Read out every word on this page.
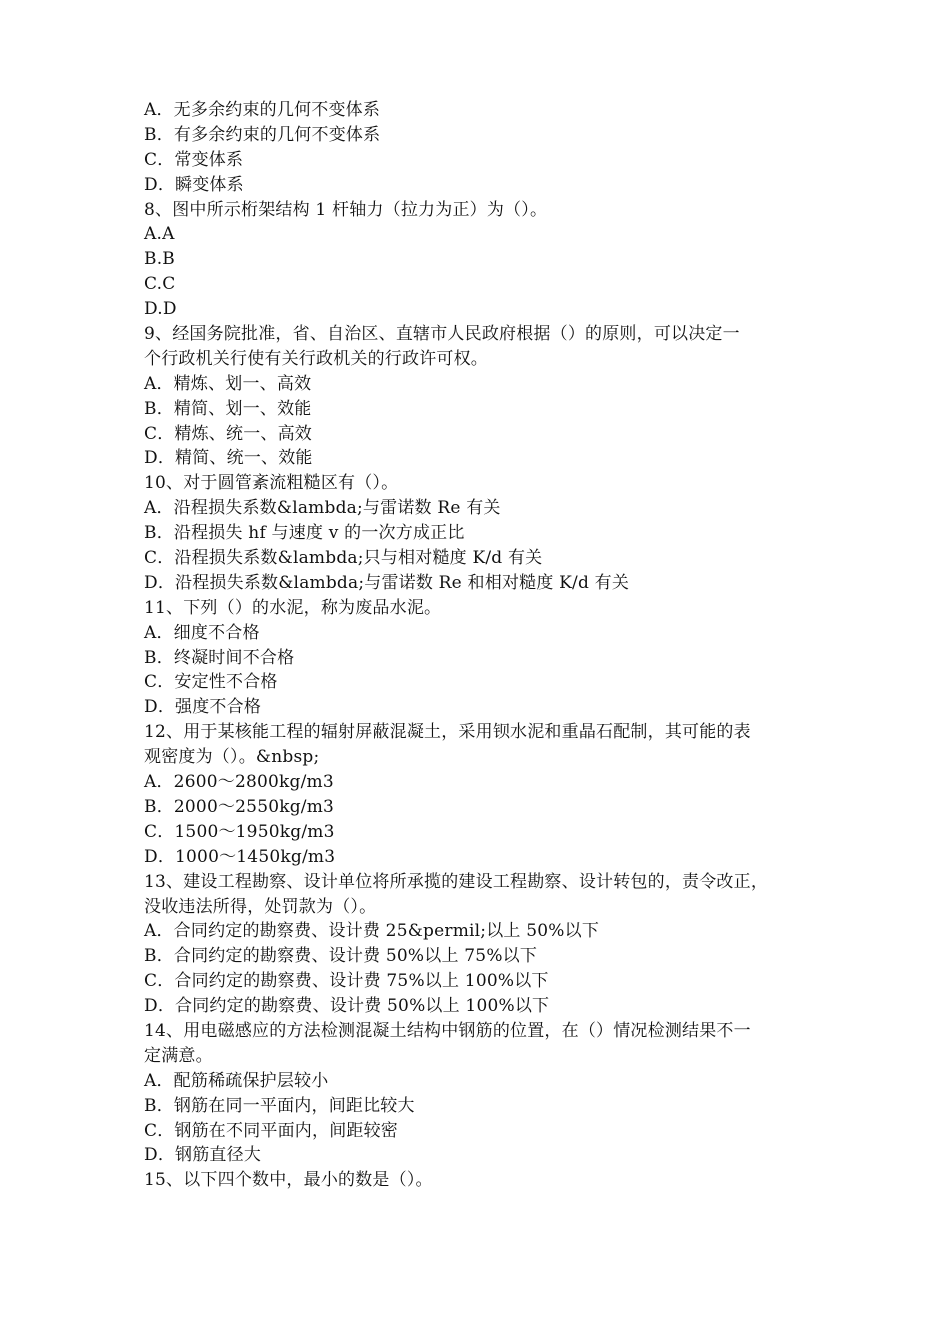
A．无多余约束的几何不变体系
B．有多余约束的几何不变体系
C．常变体系
D．瞬变体系
8、图中所示桁架结构 1 杆轴力（拉力为正）为（）。
A.A
B.B
C.C
D.D
9、经国务院批准，省、自治区、直辖市人民政府根据（）的原则，可以决定一
个行政机关行使有关行政机关的行政许可权。
A．精炼、划一、高效
B．精简、划一、效能
C．精炼、统一、高效
D．精简、统一、效能
10、对于圆管紊流粗糙区有（）。
A．沿程损失系数&lambda;与雷诺数 Re 有关
B．沿程损失 hf 与速度 v 的一次方成正比
C．沿程损失系数&lambda;只与相对糙度 K/d 有关
D．沿程损失系数&lambda;与雷诺数 Re 和相对糙度 K/d 有关
11、下列（）的水泥，称为废品水泥。
A．细度不合格
B．终凝时间不合格
C．安定性不合格
D．强度不合格
12、用于某核能工程的辐射屏蔽混凝土，采用钡水泥和重晶石配制，其可能的表
观密度为（）。&nbsp;
A．2600～2800kg/m3
B．2000～2550kg/m3
C．1500～1950kg/m3
D．1000～1450kg/m3
13、建设工程勘察、设计单位将所承揽的建设工程勘察、设计转包的，责令改正，
没收违法所得，处罚款为（）。
A．合同约定的勘察费、设计费 25&permil;以上 50%以下
B．合同约定的勘察费、设计费 50%以上 75%以下
C．合同约定的勘察费、设计费 75%以上 100%以下
D．合同约定的勘察费、设计费 50%以上 100%以下
14、用电磁感应的方法检测混凝土结构中钢筋的位置，在（）情况检测结果不一
定满意。
A．配筋稀疏保护层较小
B．钢筋在同一平面内，间距比较大
C．钢筋在不同平面内，间距较密
D．钢筋直径大
15、以下四个数中，最小的数是（）。
